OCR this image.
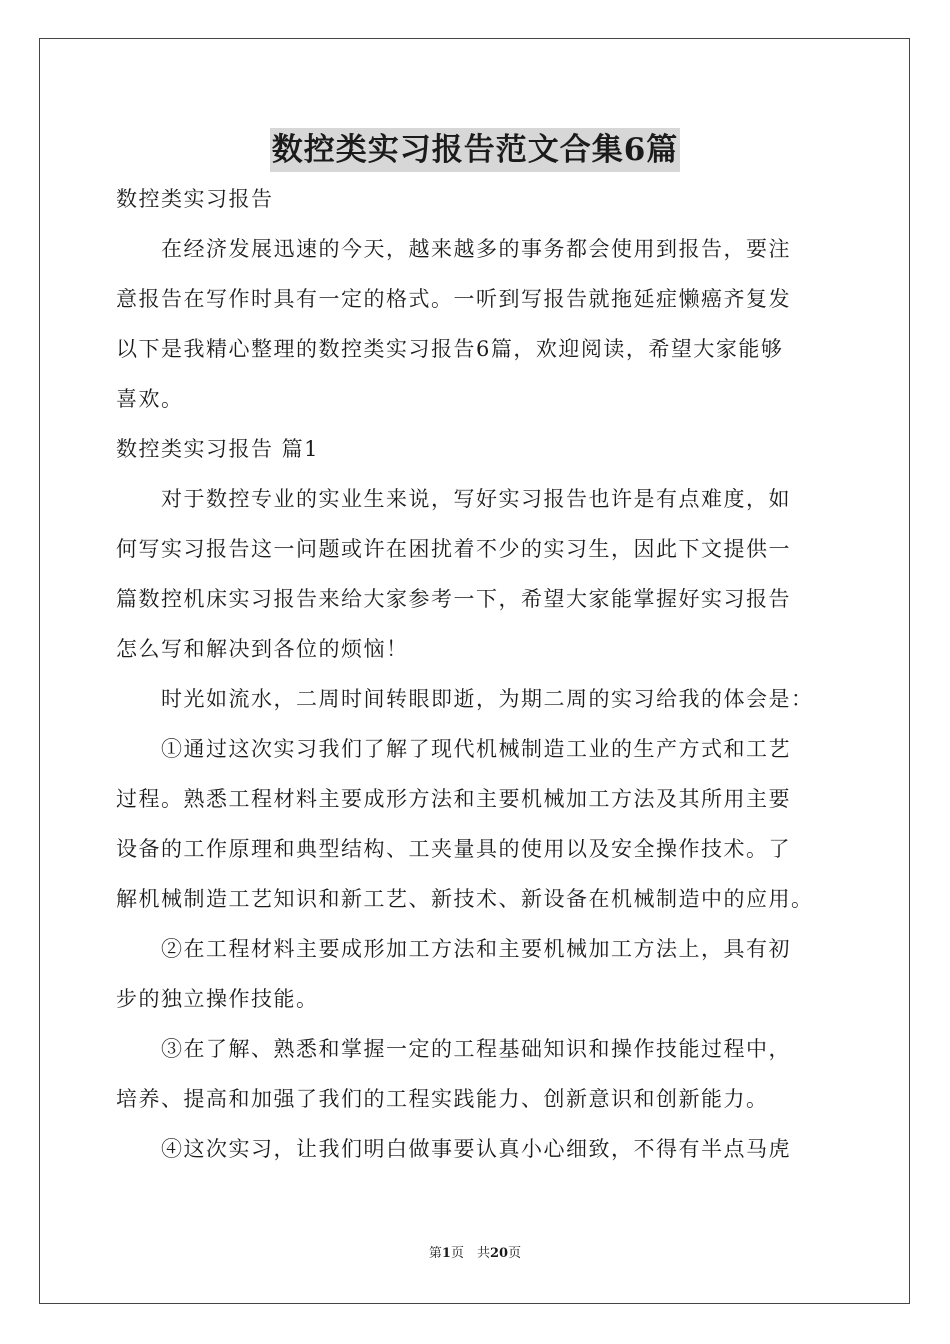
数控类实习报告范文合集6篇
数控类实习报告
　　在经济发展迅速的今天，越来越多的事务都会使用到报告，要注
意报告在写作时具有一定的格式。一听到写报告就拖延症懒癌齐复发
以下是我精心整理的数控类实习报告6篇，欢迎阅读，希望大家能够
喜欢。
数控类实习报告 篇1
　　对于数控专业的实业生来说，写好实习报告也许是有点难度，如
何写实习报告这一问题或许在困扰着不少的实习生，因此下文提供一
篇数控机床实习报告来给大家参考一下，希望大家能掌握好实习报告
怎么写和解决到各位的烦恼！
　　时光如流水，二周时间转眼即逝，为期二周的实习给我的体会是：
　　①通过这次实习我们了解了现代机械制造工业的生产方式和工艺
过程。熟悉工程材料主要成形方法和主要机械加工方法及其所用主要
设备的工作原理和典型结构、工夹量具的使用以及安全操作技术。了
解机械制造工艺知识和新工艺、新技术、新设备在机械制造中的应用。
　　②在工程材料主要成形加工方法和主要机械加工方法上，具有初
步的独立操作技能。
　　③在了解、熟悉和掌握一定的工程基础知识和操作技能过程中，
培养、提高和加强了我们的工程实践能力、创新意识和创新能力。
　　④这次实习，让我们明白做事要认真小心细致，不得有半点马虎
第1页　共20页
